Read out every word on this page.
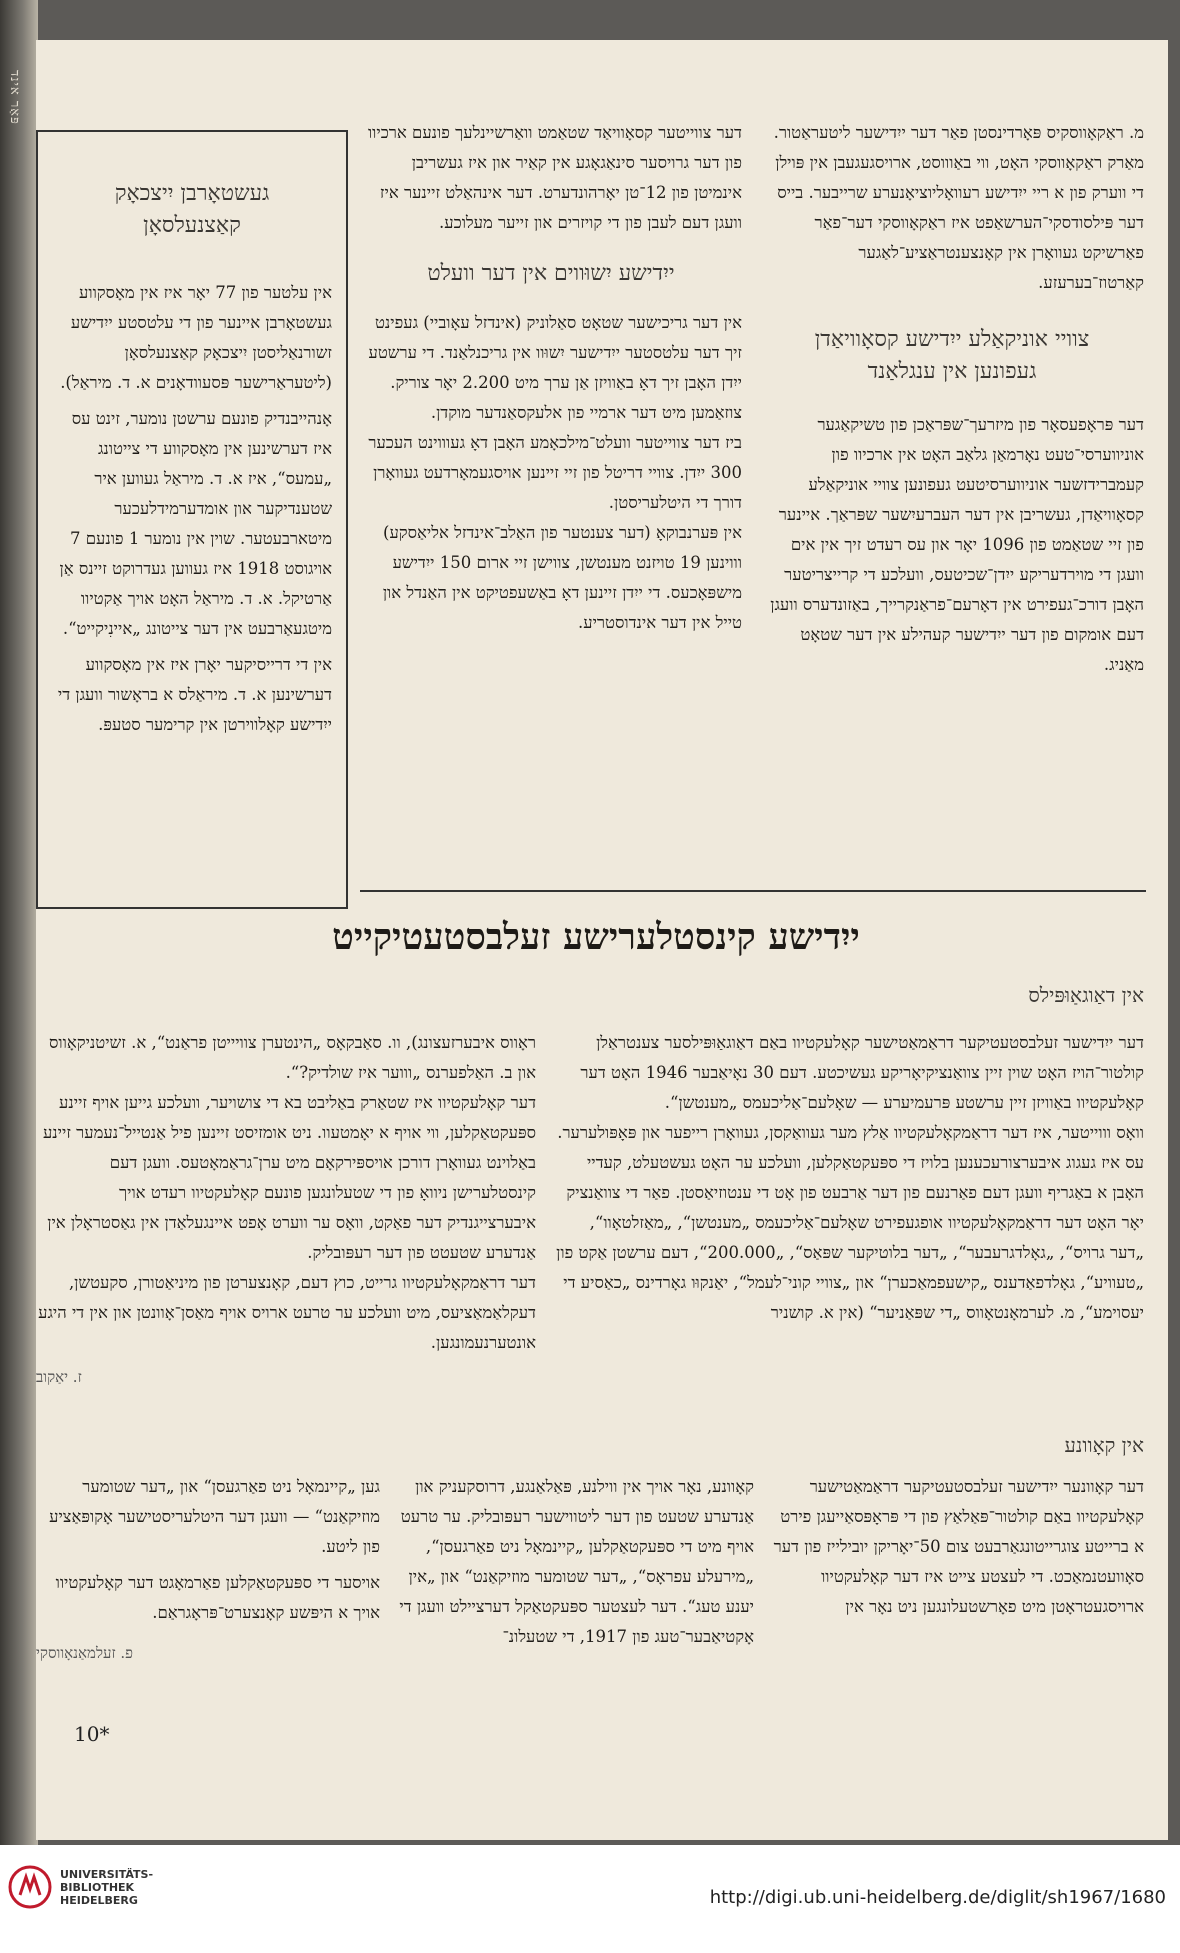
פּאַר אינד
געשטאָרבן יִיצכאָק קאַצנעלסאָן

אין עלטער פון 77 יאָר איז אין מאָסקווע געשטאָרבן איינער פון די עלטסטע ייִדישע זשורנאַליסטן יִיצכאָק קאַצנעלסאָן (ליטעראַרישער פּסעוודאָנים א. ד. מיראַל).

אָנהייבנדיק פונעם ערשטן נומער, זינט עס איז דערשינען אין מאָסקווע די צייטונג „עמעס“, איז א. ד. מיראַל געווען איר שטענדיקער און אומדערמידלעכער מיטארבעטער. שוין אין נומער 1 פונעם 7 אויגוסט 1918 איז געווען געדרוקט זיינס אַן אַרטיקל. א. ד. מיראַל האָט אויך אַקטיוו מיטגעאַרבעט אין דער צייטונג „איינִיקייט“.

אין די דרייסיקער יאָרן איז אין מאָסקווע דערשינען א. ד. מיראַלס א בראָשור וועגן די ייִדישע קאָלווירטן אין קרימער סטעפּ.

דער צווייטער קסאָוויאַד שטאַמט וואַרשיינלעך פונעם ארכיוו פון דער גרויסער סינאַגאָגע אין קאַיר און איז געשריבן אינמיטן פון 12־טן יאָרהונדערט. דער אינהאַלט זיינער איז וועגן דעם לעבן פון די קויזרים און זייער מעלוכע.

ייִדישע יִשוּווים אין דער וועלט

אין דער גריכישער שטאָט סאַלוניק (אינדזל עאָוביי) געפינט זיך דער עלטסטער ייִדישער יִשוּוו אין גריכנלאַנד. די ערשטע ייִדן האָבן זיך דאָ באַוויזן אַן ערך מיט 2.200 יאָר צוריק. צוזאַמען מיט דער ארמיי פון אלעקסאַנדער מוקדן.

ביז דער צווייטער וועלט־מילכאָמע האָבן דאָ געוווינט העכער 300 ייִדן. צוויי דריטל פון זיי זיינען אויסגעמאָרדעט געוואָרן דורך די היטלעריסטן.

אין פּערנבוקאָ (דער צענטער פון האַלב־אינדזל אליאַסקע) וווינען 19 טויזנט מענטשן, צווישן זיי ארום 150 ייִדישע מישפּאָכעס. די ייִדן זיינען דאָ באַשעפטיקט אין האַנדל און טייל אין דער אינדוסטריע.

מ. ראַקאָווסקיס פּאָרדינסטן פאַר דער ייִדישער ליטעראַטור.

מאַרק ראַקאָווסקי האָט, ווי באַוווסט, ארויסגעגעבן אין פּוילן די ווערק פון א ריי ייִדישע רעוואָליוציאָנערע שרייבער. בייס דער פּילסודסקי־הערשאַפט איז ראַקאָווסקי דער־פאַר פאַרשיקט געוואָרן אין קאָנצענטראַציע־לאַגער קאַרטוז־בערעזע.

צוויי אוניקאַלע ייִדישע קסאָוויאַדן געפונען אין ענגלאַנד

דער פּראָפעסאָר פון מיזרעך־שפּראַכן פון טשיקאַגער אוניווערסי־טעט נאָרמאַן גלאַב האָט אין ארכיוו פון קעמברידזשער אוניווערסיטעט געפונען צוויי אוניקאַלע קסאָוויאַדן, געשריבן אין דער העברעיִשער שפּראַך. איינער פון זיי שטאַמט פון 1096 יאָר און עס רעדט זיך אין אים וועגן די מוירדעריקע ייִדן־שכיטעס, וועלכע די קרייצריטער האָבן דורכ־געפירט אין דאָרעם־פראַנקרייך, באַזונדערס וועגן דעם אומקום פון דער ייִדישער קעהילע אין דער שטאָט מאַניג.

ייִדישע קינסטלערישע זעלבסטעטיקייט
אין דאַוגאַוּפּילס

דער ייִדישער זעלבסטעטיקער דראַמאַטישער קאָלעקטיוו באַם דאַוגאַוּפּילסער צענטראַלן קולטור־הויז האָט שוין זיין צוואַנציקיאָריקע געשיכטע. דעם 30 נאָיאַבער 1946 האָט דער קאָלעקטיוו באַוויזן זיין ערשטע פּרעמיערע — שאָלעם־אַליכעמס „מענטשן“.

וואָס וווייטער, איז דער דראַמקאָלעקטיוו אַלץ מער געוואַקסן, געוואָרן רייפער און פּאָפּולערער. עס איז געגוג איבערצורעכענען בלויז די ספּעקטאַקלען, וועלכע ער האָט געשטעלט, קעדיי האָבן א באַגריף וועגן דעם פאַרנעם פון דער אַרבעט פון אָט די ענטוזיאַסטן. פאַר די צוואַנציק יאָר האָט דער דראַמקאָלעקטיוו אופגעפירט שאָלעם־אַליכעמס „מענטשן“, „מאַזלטאָוו“, „דער גרויס“, „גאָלדגרעבער“, „דער בלוטיקער שפּאַס“, „200.000“, דעם ערשטן אַקט פון „טעוויע“, גאָלדפאַדענס „קישעפמאַכערן“ און „צוויי קוני־לעמל“, יאַנקוּו גאָרדינס „כאַסיע די יעסוימע“, מ. לערמאָנטאָווס „די שפּאַניער“ (אין א. קושניר

ראָווס איבערזעצונג), וו. סאַבקאָס „הינטערן צוויייטן פראַנט“, א. זשיטניקאָווס און ב. האַלפערנס „וווער איז שולדיק?“.

דער קאָלעקטיוו איז שטאַרק באַליבט בא די צושויער, וועלכע גייען אויף זיינע ספּעקטאַקלען, ווי אויף א יאָמטעוו. ניט אומזיסט זיינען פיל אַנטייל־נעמער זיינע באַלוינט געוואָרן דורכן אויספּירקאָם מיט ערן־גראַמאָטעס. וועגן דעם קינסטלערישן ניוואָ פון די שטעלונגען פונעם קאָלעקטיוו רעדט אויך איבערצייגנדיק דער פאַקט, וואָס ער ווערט אָפט איינגעלאַדן אין גאַסטראָלן אין אַנדערע שטעטט פון דער רעפּובליק.

דער דראַמקאָלעקטיוו גרייט, כוץ דעם, קאָנצערטן פון מיניאַטורן, סקעטשן, דעקלאַמאַציעס, מיט וועלכע ער טרעט ארויס אויף מאַסן־אָוונטן און אין די היגע אונטערנעמונגען.

ז. יאַקוב

אין קאָוונע

דער קאָוונער ייִדישער זעלבסטעטיקער דראַמאַטישער קאָלעקטיוו באַם קולטור־פּאַלאַץ פון די פּראָפּסאַייעגן פירט א ברייטע צוגרייטונגאַרבעט צום 50־יאָריקן יובילייז פון דער סאָוועטנמאַכט. די לעצטע צייט איז דער קאָלעקטיוו ארויסגעטראָטן מיט פאָרשטעלונגען ניט נאָר אין

קאָוונע, נאָר אויך אין ווילנע, פּאַלאַנגע, דרוסקעניק און אַנדערע שטעט פון דער ליטווישער רעפּובליק. ער טרעט אויף מיט די ספּעקטאַקלען „קיינמאָל ניט פאַרגעסן“, „מירעלע עפראָס“, „דער שטומער מוזיקאַנט“ און „אין יענע טעג“. דער לעצטער ספּעקטאַקל דערציילט וועגן די אָקטיאַבער־טעג פון 1917, די שטעלונ־

גען „קיינמאָל ניט פאַרגעסן“ און „דער שטומער מוזיקאַנט“ — וועגן דער היטלעריסטישער אָקופּאַציע פון ליטע.

אויסער די ספּעקטאַקלען פאַרמאָגט דער קאָלעקטיוו אויך א היפּשע קאָנצערט־פּראָגראַם.

פ. זעלמאַנאָווסקי

10*
UNIVERSITÄTS-
BIBLIOTHEK
HEIDELBERG	http://digi.ub.uni-heidelberg.de/diglit/sh1967/1680
